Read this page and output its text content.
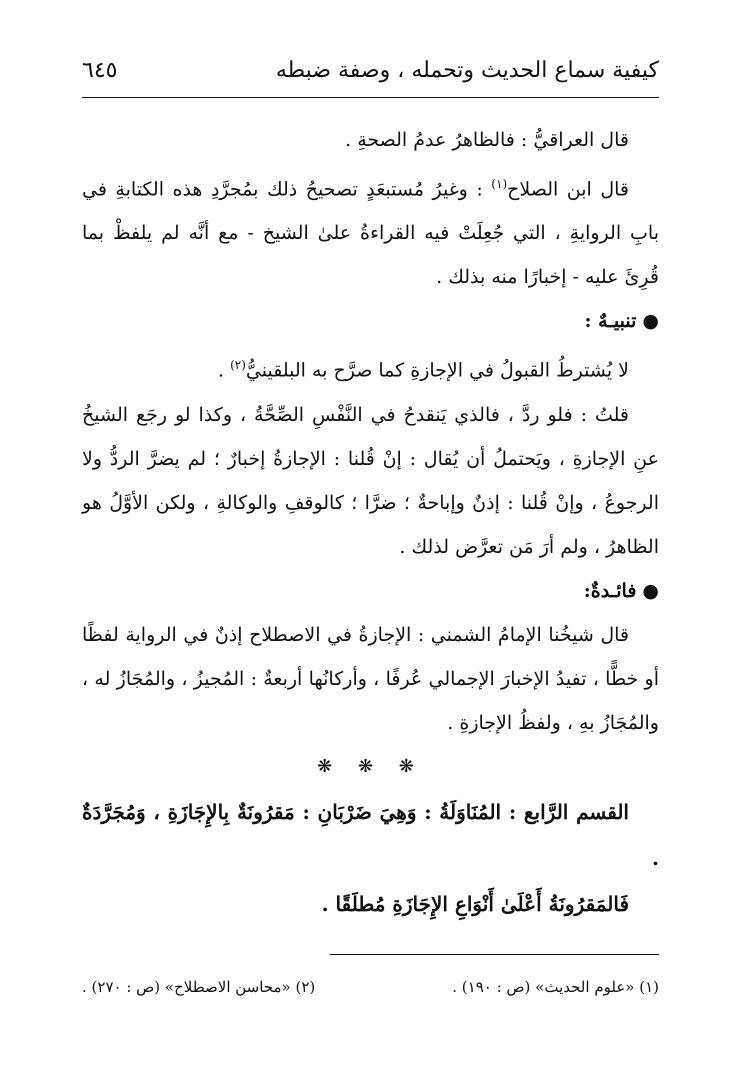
كيفية سماع الحديث وتحمله ، وصفة ضبطه
٦٤٥

قال العراقيُّ : فالظاهرُ عدمُ الصحةِ .

قال ابن الصلاح$^{(١)}$ : وغيرُ مُستبعَدٍ تصحيحُ ذلك بمُجرَّدِ هذه الكتابةِ في بابِ الروايةِ ، التي جُعِلَتْ فيه القراءةُ علىٰ الشيخ - مع أنَّه لم يلفظْ بما قُرِئَ عليه - إخبارًا منه بذلك .

●تنبيـهٌ :

لا يُشترطُ القبولُ في الإجازةِ كما صرَّح به البلقينيُّ$^{(٢)}$ .

قلتُ : فلو ردَّ ، فالذي يَنقدحُ في النَّفْسِ الصِّحَّةُ ، وكذا لو رجَع الشيخُ عنِ الإجازةِ ، ويَحتملُ أن يُقال : إنْ قُلنا : الإجازةُ إخبارٌ ؛ لم يضرَّ الردُّ ولا الرجوعُ ، وإنْ قُلنا : إذنٌ وإباحةٌ ؛ ضرَّا ؛ كالوقفِ والوكالةِ ، ولكن الأوَّلُ هو الظاهرُ ، ولم أرَ مَن تعرَّض لذلك .

●فائـدةٌ:

قال شيخُنا الإمامُ الشمني : الإجازةُ في الاصطلاح إذنٌ في الرواية لفظًا أو خطًّا ، تفيدُ الإخبارَ الإجمالي عُرفًا ، وأركانُها أربعةٌ : المُجيزُ ، والمُجَازُ له ، والمُجَازُ بهِ ، ولفظُ الإجازةِ .

❋ ❋ ❋

القسم الرَّابع : المُنَاوَلَةُ : وَهِيَ ضَرْبَانِ : مَقرُونَةٌ بِالإِجَازَةِ ، وَمُجَرَّدَةٌ .

فَالمَقرُونَةُ أَعْلَىٰ أَنْوَاعِ الإِجَازَةِ مُطلَقًا .

(١) «علوم الحديث» (ص : ١٩٠) .
(٢) «محاسن الاصطلاح» (ص : ٢٧٠) .
